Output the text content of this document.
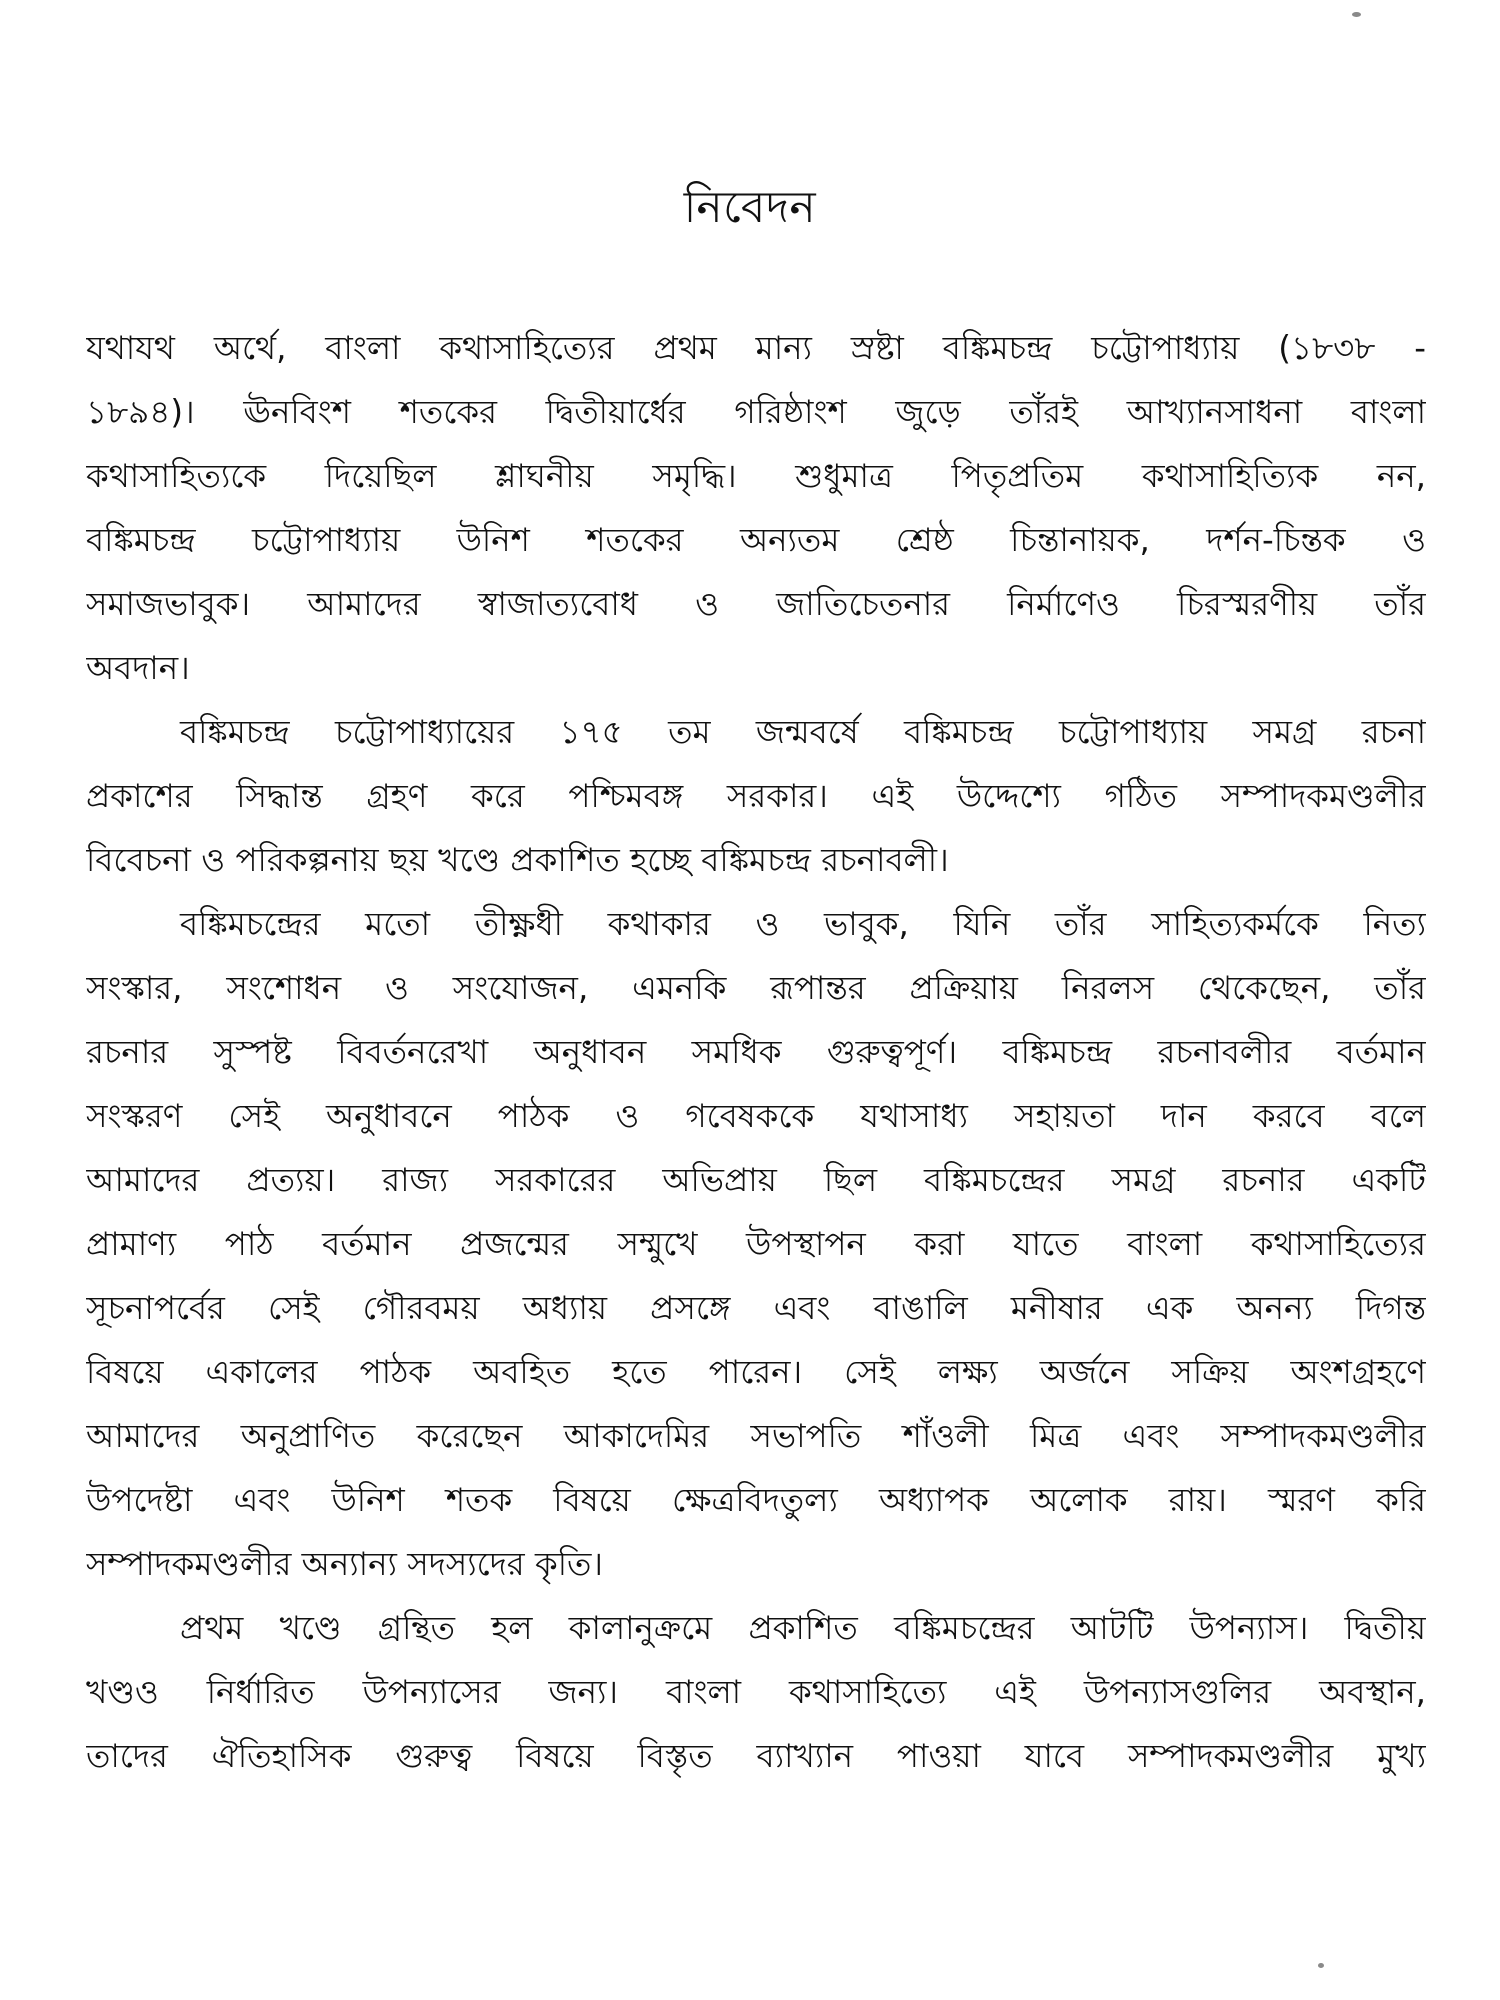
নিবেদন
যথাযথ অর্থে, বাংলা কথাসাহিত্যের প্রথম মান্য স্রষ্টা বঙ্কিমচন্দ্র চট্টোপাধ্যায় (১৮৩৮ -
১৮৯৪)। ঊনবিংশ শতকের দ্বিতীয়ার্ধের গরিষ্ঠাংশ জুড়ে তাঁরই আখ্যানসাধনা বাংলা
কথাসাহিত্যকে দিয়েছিল শ্লাঘনীয় সমৃদ্ধি। শুধুমাত্র পিতৃপ্রতিম কথাসাহিত্যিক নন,
বঙ্কিমচন্দ্র চট্টোপাধ্যায় উনিশ শতকের অন্যতম শ্রেষ্ঠ চিন্তানায়ক, দর্শন-চিন্তক ও
সমাজভাবুক। আমাদের স্বাজাত্যবোধ ও জাতিচেতনার নির্মাণেও চিরস্মরণীয় তাঁর
অবদান।
বঙ্কিমচন্দ্র চট্টোপাধ্যায়ের ১৭৫ তম জন্মবর্ষে বঙ্কিমচন্দ্র চট্টোপাধ্যায় সমগ্র রচনা
প্রকাশের সিদ্ধান্ত গ্রহণ করে পশ্চিমবঙ্গ সরকার। এই উদ্দেশ্যে গঠিত সম্পাদকমণ্ডলীর
বিবেচনা ও পরিকল্পনায় ছয় খণ্ডে প্রকাশিত হচ্ছে বঙ্কিমচন্দ্র রচনাবলী।
বঙ্কিমচন্দ্রের মতো তীক্ষ্ণধী কথাকার ও ভাবুক, যিনি তাঁর সাহিত্যকর্মকে নিত্য
সংস্কার, সংশোধন ও সংযোজন, এমনকি রূপান্তর প্রক্রিয়ায় নিরলস থেকেছেন, তাঁর
রচনার সুস্পষ্ট বিবর্তনরেখা অনুধাবন সমধিক গুরুত্বপূর্ণ। বঙ্কিমচন্দ্র রচনাবলীর বর্তমান
সংস্করণ সেই অনুধাবনে পাঠক ও গবেষককে যথাসাধ্য সহায়তা দান করবে বলে
আমাদের প্রত্যয়। রাজ্য সরকারের অভিপ্রায় ছিল বঙ্কিমচন্দ্রের সমগ্র রচনার একটি
প্রামাণ্য পাঠ বর্তমান প্রজন্মের সম্মুখে উপস্থাপন করা যাতে বাংলা কথাসাহিত্যের
সূচনাপর্বের সেই গৌরবময় অধ্যায় প্রসঙ্গে এবং বাঙালি মনীষার এক অনন্য দিগন্ত
বিষয়ে একালের পাঠক অবহিত হতে পারেন। সেই লক্ষ্য অর্জনে সক্রিয় অংশগ্রহণে
আমাদের অনুপ্রাণিত করেছেন আকাদেমির সভাপতি শাঁওলী মিত্র এবং সম্পাদকমণ্ডলীর
উপদেষ্টা এবং উনিশ শতক বিষয়ে ক্ষেত্রবিদতুল্য অধ্যাপক অলোক রায়। স্মরণ করি
সম্পাদকমণ্ডলীর অন্যান্য সদস্যদের কৃতি।
প্রথম খণ্ডে গ্রন্থিত হল কালানুক্রমে প্রকাশিত বঙ্কিমচন্দ্রের আটটি উপন্যাস। দ্বিতীয়
খণ্ডও নির্ধারিত উপন্যাসের জন্য। বাংলা কথাসাহিত্যে এই উপন্যাসগুলির অবস্থান,
তাদের ঐতিহাসিক গুরুত্ব বিষয়ে বিস্তৃত ব্যাখ্যান পাওয়া যাবে সম্পাদকমণ্ডলীর মুখ্য
